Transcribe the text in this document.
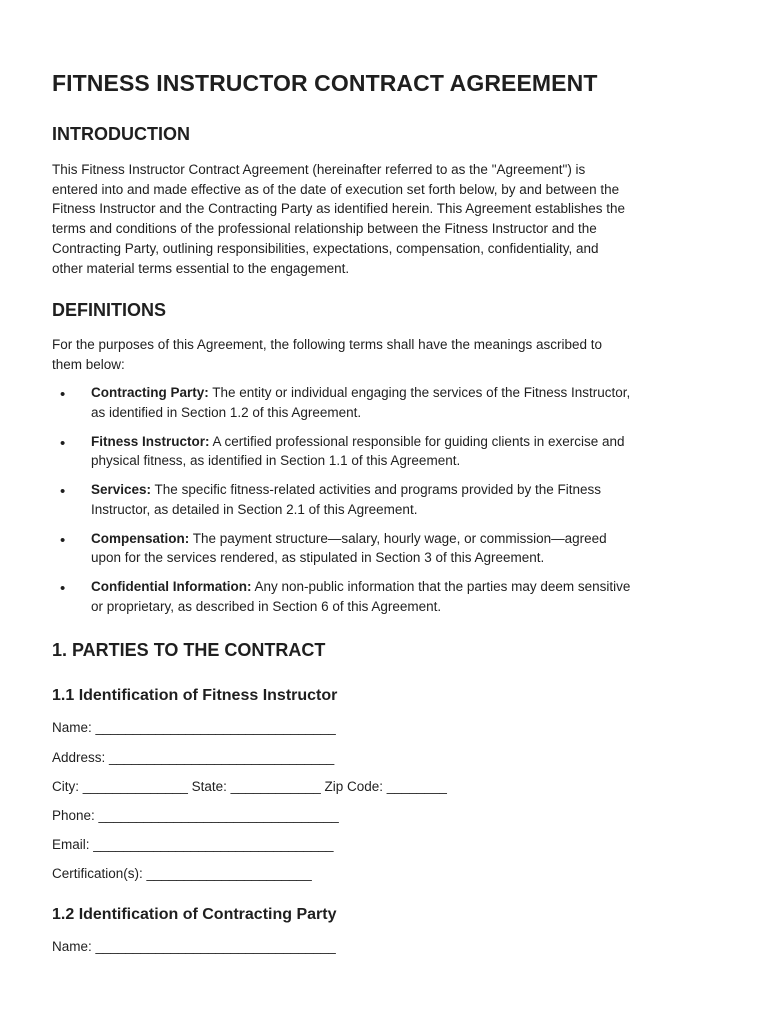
FITNESS INSTRUCTOR CONTRACT AGREEMENT
INTRODUCTION

This Fitness Instructor Contract Agreement (hereinafter referred to as the "Agreement") is
entered into and made effective as of the date of execution set forth below, by and between the
Fitness Instructor and the Contracting Party as identified herein. This Agreement establishes the
terms and conditions of the professional relationship between the Fitness Instructor and the
Contracting Party, outlining responsibilities, expectations, compensation, confidentiality, and
other material terms essential to the engagement.

DEFINITIONS

For the purposes of this Agreement, the following terms shall have the meanings ascribed to
them below:

• Contracting Party: The entity or individual engaging the services of the Fitness Instructor,
as identified in Section 1.2 of this Agreement.
• Fitness Instructor: A certified professional responsible for guiding clients in exercise and
physical fitness, as identified in Section 1.1 of this Agreement.
• Services: The specific fitness-related activities and programs provided by the Fitness
Instructor, as detailed in Section 2.1 of this Agreement.
• Compensation: The payment structure—salary, hourly wage, or commission—agreed
upon for the services rendered, as stipulated in Section 3 of this Agreement.
• Confidential Information: Any non-public information that the parties may deem sensitive
or proprietary, as described in Section 6 of this Agreement.
1. PARTIES TO THE CONTRACT
1.1 Identification of Fitness Instructor

Name: ________________________________

Address: ______________________________

City: ______________ State: ____________ Zip Code: ________

Phone: ________________________________

Email: ________________________________

Certification(s): ______________________

1.2 Identification of Contracting Party

Name: ________________________________
